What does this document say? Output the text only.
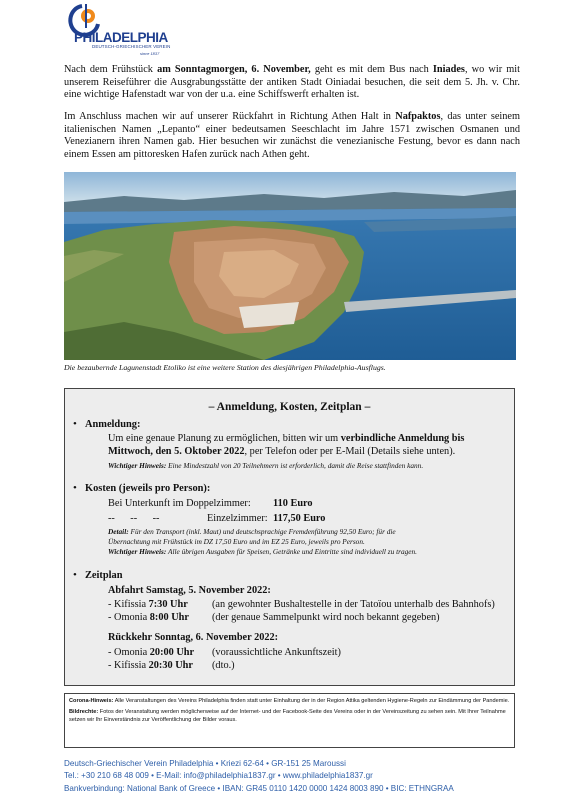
PHILADELPHIA
DEUTSCH-GRIECHISCHER VEREIN
since 1837

Nach dem Frühstück am Sonntagmorgen, 6. November, geht es mit dem Bus nach Iniades, wo wir mit unserem Reiseführer die Ausgrabungsstätte der antiken Stadt Oiniadai besuchen, die seit dem 5. Jh. v. Chr. eine wichtige Hafenstadt war von der u.a. eine Schiffswerft erhalten ist.

Im Anschluss machen wir auf unserer Rückfahrt in Richtung Athen Halt in Nafpaktos, das unter seinem italienischen Namen „Lepanto“ einer bedeutsamen Seeschlacht im Jahre 1571 zwischen Osmanen und Venezianern ihren Namen gab. Hier besuchen wir zunächst die venezianische Festung, bevor es dann nach einem Essen am pittoresken Hafen zurück nach Athen geht.

Die bezaubernde Lagunenstadt Etoliko ist eine weitere Station des diesjährigen Philadelphia-Ausflugs.
– Anmeldung, Kosten, Zeitplan –
• Anmeldung:
Um eine genaue Planung zu ermöglichen, bitten wir um verbindliche Anmeldung bis
Mittwoch, den 5. Oktober 2022, per Telefon oder per E-Mail (Details siehe unten).
Wichtiger Hinweis: Eine Mindestzahl von 20 Teilnehmern ist erforderlich, damit die Reise stattfinden kann.
• Kosten (jeweils pro Person):
Bei Unterkunft im Doppelzimmer: 110 Euro
--      --      --	Einzelzimmer: 117,50 Euro
Detail: Für den Transport (inkl. Maut) und deutschsprachige Fremdenführung 92,50 Euro; für die
Übernachtung mit Frühstück im DZ 17,50 Euro und im EZ 25 Euro, jeweils pro Person.
Wichtiger Hinweis: Alle übrigen Ausgaben für Speisen, Getränke und Eintritte sind individuell zu tragen.
• Zeitplan
Abfahrt Samstag, 5. November 2022:
- Kifissia 7:30 Uhr (an gewohnter Bushaltestelle in der Tatoïou unterhalb des Bahnhofs)
- Omonia 8:00 Uhr (der genaue Sammelpunkt wird noch bekannt gegeben)
Rückkehr Sonntag, 6. November 2022:
- Omonia 20:00 Uhr (voraussichtliche Ankunftszeit)
- Kifissia 20:30 Uhr (dto.)

Corona-Hinweis: Alle Veranstaltungen des Vereins Philadelphia finden statt unter Einhaltung der in der Region Attika geltenden Hygiene-Regeln zur Eindämmung der Pandemie.

Bildrechte: Fotos der Veranstaltung werden möglicherweise auf der Internet- und der Facebook-Seite des Vereins oder in der Vereinszeitung zu sehen sein. Mit Ihrer Teilnahme setzen wir Ihr Einverständnis zur Veröffentlichung der Bilder voraus.

Deutsch-Griechischer Verein Philadelphia • Kriezi 62-64 • GR-151 25 Maroussi
Tel.: +30 210 68 48 009 • E-Mail: info@philadelphia1837.gr • www.philadelphia1837.gr
Bankverbindung: National Bank of Greece • IBAN: GR45 0110 1420 0000 1424 8003 890 • BIC: ETHNGRAA
